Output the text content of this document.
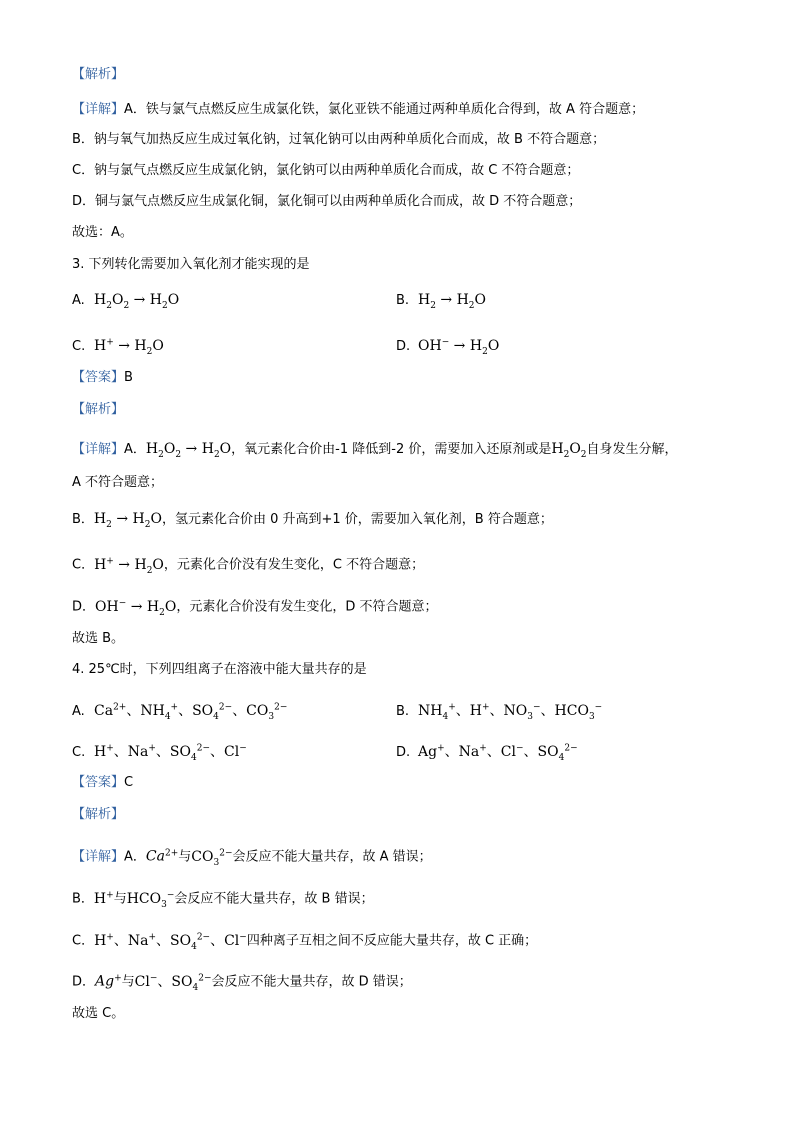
【解析】
【详解】A．铁与氯气点燃反应生成氯化铁，氯化亚铁不能通过两种单质化合得到，故 A 符合题意；
B．钠与氧气加热反应生成过氧化钠，过氧化钠可以由两种单质化合而成，故 B 不符合题意；
C．钠与氯气点燃反应生成氯化钠，氯化钠可以由两种单质化合而成，故 C 不符合题意；
D．铜与氯气点燃反应生成氯化铜，氯化铜可以由两种单质化合而成，故 D 不符合题意；
故选：A。
3. 下列转化需要加入氧化剂才能实现的是
A. $H_2O_2 \to H_2O$	B. $H_2 \to H_2O$
C. $H^+ \to H_2O$	D. $OH^- \to H_2O$
【答案】B
【解析】
【详解】A．$H_2O_2 \to H_2O$，氧元素化合价由-1 降低到-2 价，需要加入还原剂或是$H_2O_2$自身发生分解，
A 不符合题意；
B．$H_2 \to H_2O$，氢元素化合价由 0 升高到+1 价，需要加入氧化剂，B 符合题意；
C．$H^+ \to H_2O$，元素化合价没有发生变化，C 不符合题意；
D．$OH^- \to H_2O$，元素化合价没有发生变化，D 不符合题意；
故选 B。
4. 25℃时，下列四组离子在溶液中能大量共存的是
A. $Ca^{2+}$、$NH_4^+$、$SO_4^{2-}$、$CO_3^{2-}$	B. $NH_4^+$、H+、$NO_3^-$、$HCO_3^-$
C. H+、Na+、$SO_4^{2-}$、Cl−	D. Ag+、Na+、Cl−、$SO_4^{2-}$
【答案】C
【解析】
【详解】A．$Ca^{2+}$与$CO_3^{2-}$会反应不能大量共存，故 A 错误；
B．H+与$HCO_3^-$会反应不能大量共存，故 B 错误；
C．H+、Na+、$SO_4^{2-}$、Cl−四种离子互相之间不反应能大量共存，故 C 正确；
D．Ag+与Cl−、$SO_4^{2-}$会反应不能大量共存，故 D 错误；
故选 C。
